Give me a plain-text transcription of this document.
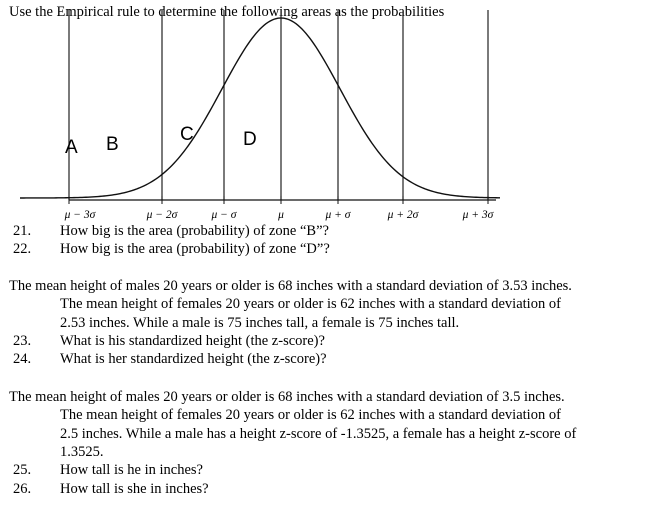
Use the Empirical rule to determine the following areas as the probabilities
A B	C	D
μ − 3σ	μ − 2σ	μ − σ	μ	μ + σ	μ + 2σ	μ + 3σ
21. How big is the area (probability) of zone “B”?
22. How big is the area (probability) of zone “D”?
The mean height of males 20 years or older is 68 inches with a standard deviation of 3.53 inches.
The mean height of females 20 years or older is 62 inches with a standard deviation of
2.53 inches. While a male is 75 inches tall, a female is 75 inches tall.
23. What is his standardized height (the z-score)?
24. What is her standardized height (the z-score)?
The mean height of males 20 years or older is 68 inches with a standard deviation of 3.5 inches.
The mean height of females 20 years or older is 62 inches with a standard deviation of
2.5 inches. While a male has a height z-score of -1.3525, a female has a height z-score of
1.3525.
25. How tall is he in inches?
26. How tall is she in inches?
